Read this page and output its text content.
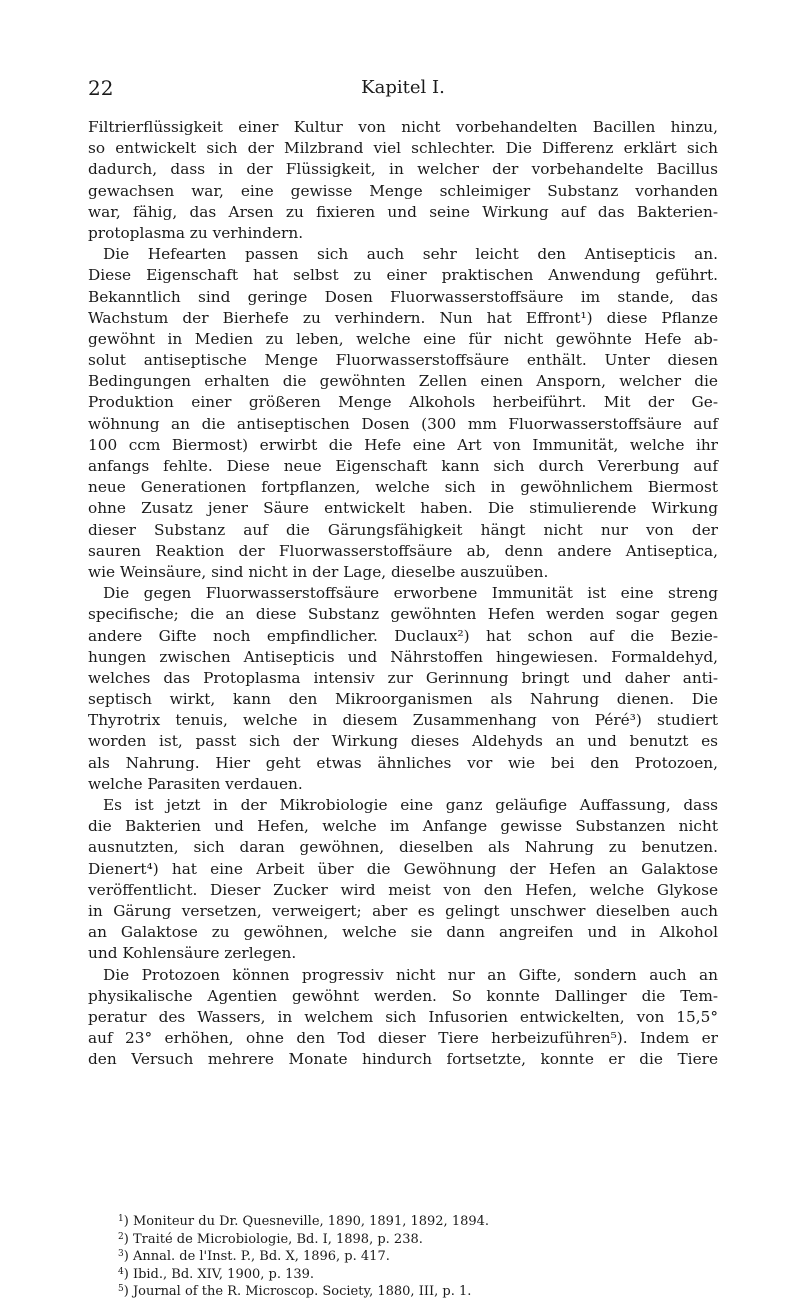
22	Kapitel I.
Filtrierflüssigkeit einer Kultur von nicht vorbehandelten Bacillen hinzu,
so entwickelt sich der Milzbrand viel schlechter. Die Differenz erklärt sich
dadurch, dass in der Flüssigkeit, in welcher der vorbehandelte Bacillus
gewachsen war, eine gewisse Menge schleimiger Substanz vorhanden
war, fähig, das Arsen zu fixieren und seine Wirkung auf das Bakterien-
protoplasma zu verhindern.
Die Hefearten passen sich auch sehr leicht den Antisepticis an.
Diese Eigenschaft hat selbst zu einer praktischen Anwendung geführt.
Bekanntlich sind geringe Dosen Fluorwasserstoffsäure im stande, das
Wachstum der Bierhefe zu verhindern. Nun hat Effront¹) diese Pflanze
gewöhnt in Medien zu leben, welche eine für nicht gewöhnte Hefe ab-
solut antiseptische Menge Fluorwasserstoffsäure enthält. Unter diesen
Bedingungen erhalten die gewöhnten Zellen einen Ansporn, welcher die
Produktion einer größeren Menge Alkohols herbeiführt. Mit der Ge-
wöhnung an die antiseptischen Dosen (300 mm Fluorwasserstoffsäure auf
100 ccm Biermost) erwirbt die Hefe eine Art von Immunität, welche ihr
anfangs fehlte. Diese neue Eigenschaft kann sich durch Vererbung auf
neue Generationen fortpflanzen, welche sich in gewöhnlichem Biermost
ohne Zusatz jener Säure entwickelt haben. Die stimulierende Wirkung
dieser Substanz auf die Gärungsfähigkeit hängt nicht nur von der
sauren Reaktion der Fluorwasserstoffsäure ab, denn andere Antiseptica,
wie Weinsäure, sind nicht in der Lage, dieselbe auszuüben.
Die gegen Fluorwasserstoffsäure erworbene Immunität ist eine streng
specifische; die an diese Substanz gewöhnten Hefen werden sogar gegen
andere Gifte noch empfindlicher. Duclaux²) hat schon auf die Bezie-
hungen zwischen Antisepticis und Nährstoffen hingewiesen. Formaldehyd,
welches das Protoplasma intensiv zur Gerinnung bringt und daher anti-
septisch wirkt, kann den Mikroorganismen als Nahrung dienen. Die
Thyrotrix tenuis, welche in diesem Zusammenhang von Péré³) studiert
worden ist, passt sich der Wirkung dieses Aldehyds an und benutzt es
als Nahrung. Hier geht etwas ähnliches vor wie bei den Protozoen,
welche Parasiten verdauen.
Es ist jetzt in der Mikrobiologie eine ganz geläufige Auffassung, dass
die Bakterien und Hefen, welche im Anfange gewisse Substanzen nicht
ausnutzten, sich daran gewöhnen, dieselben als Nahrung zu benutzen.
Dienert⁴) hat eine Arbeit über die Gewöhnung der Hefen an Galaktose
veröffentlicht. Dieser Zucker wird meist von den Hefen, welche Glykose
in Gärung versetzen, verweigert; aber es gelingt unschwer dieselben auch
an Galaktose zu gewöhnen, welche sie dann angreifen und in Alkohol
und Kohlensäure zerlegen.
Die Protozoen können progressiv nicht nur an Gifte, sondern auch an
physikalische Agentien gewöhnt werden. So konnte Dallinger die Tem-
peratur des Wassers, in welchem sich Infusorien entwickelten, von 15,5°
auf 23° erhöhen, ohne den Tod dieser Tiere herbeizuführen⁵). Indem er
den Versuch mehrere Monate hindurch fortsetzte, konnte er die Tiere
$^1$) Moniteur du Dr. Quesneville, 1890, 1891, 1892, 1894.
$^2$) Traité de Microbiologie, Bd. I, 1898, p. 238.
$^3$) Annal. de l'Inst. P., Bd. X, 1896, p. 417.
$^4$) Ibid., Bd. XIV, 1900, p. 139.
$^5$) Journal of the R. Microscop. Society, 1880, III, p. 1.
